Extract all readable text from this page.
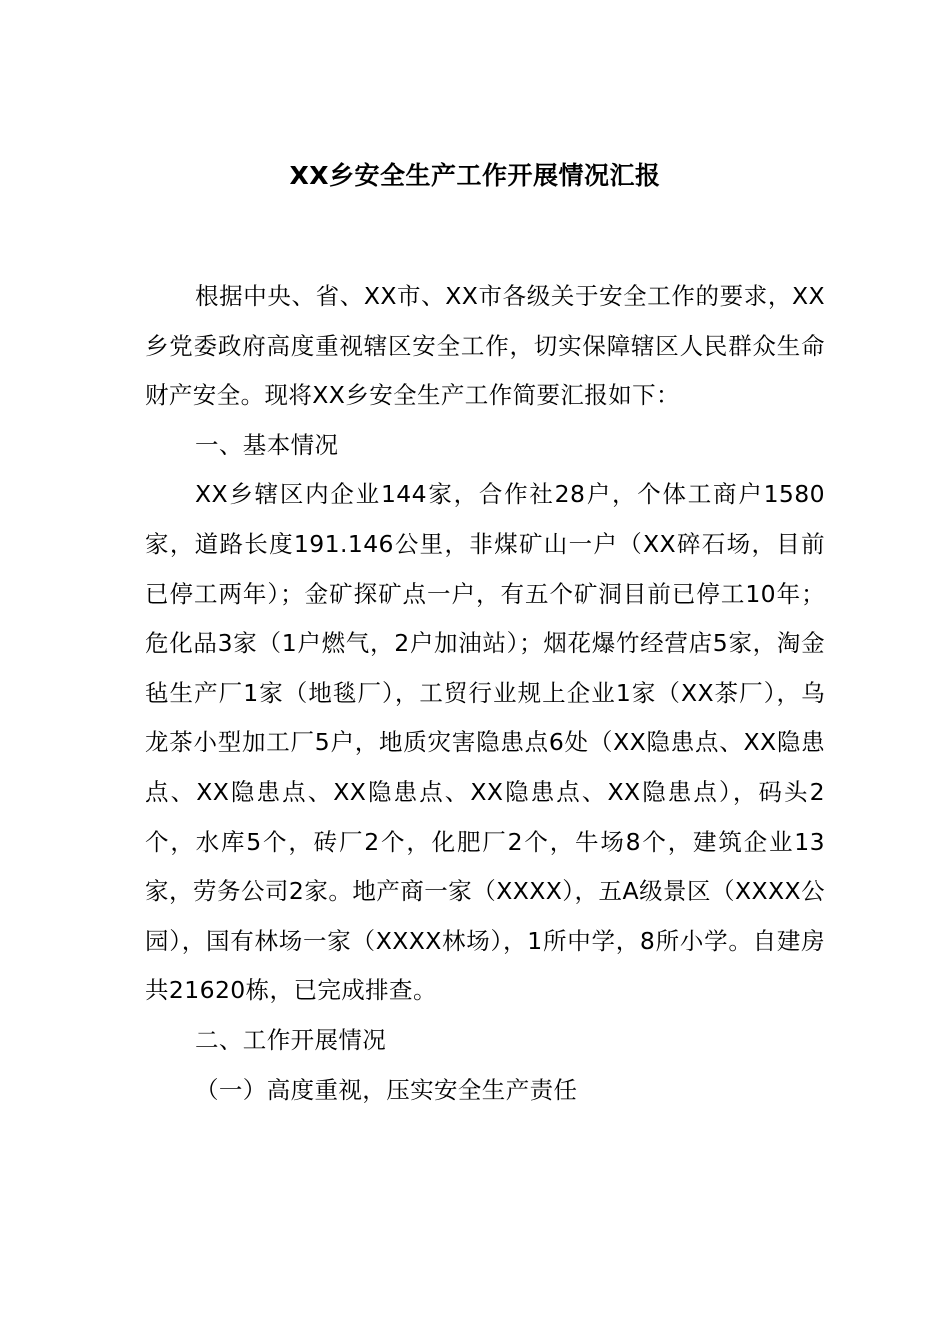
XX乡安全生产工作开展情况汇报

根据中央、省、XX市、XX市各级关于安全工作的要求，XX乡党委政府高度重视辖区安全工作，切实保障辖区人民群众生命财产安全。现将XX乡安全生产工作简要汇报如下：

一、基本情况

XX乡辖区内企业144家，合作社28户，个体工商户1580家，道路长度191.146公里，非煤矿山一户（XX碎石场，目前已停工两年）；金矿探矿点一户，有五个矿洞目前已停工10年；危化品3家（1户燃气，2户加油站）；烟花爆竹经营店5家，淘金毡生产厂1家（地毯厂），工贸行业规上企业1家（XX茶厂），乌龙茶小型加工厂5户，地质灾害隐患点6处（XX隐患点、XX隐患点、XX隐患点、XX隐患点、XX隐患点、XX隐患点），码头2个，水库5个，砖厂2个，化肥厂2个，牛场8个，建筑企业13家，劳务公司2家。地产商一家（XXXX），五A级景区（XXXX公园），国有林场一家（XXXX林场），1所中学，8所小学。自建房共21620栋，已完成排查。

二、工作开展情况

（一）高度重视，压实安全生产责任
